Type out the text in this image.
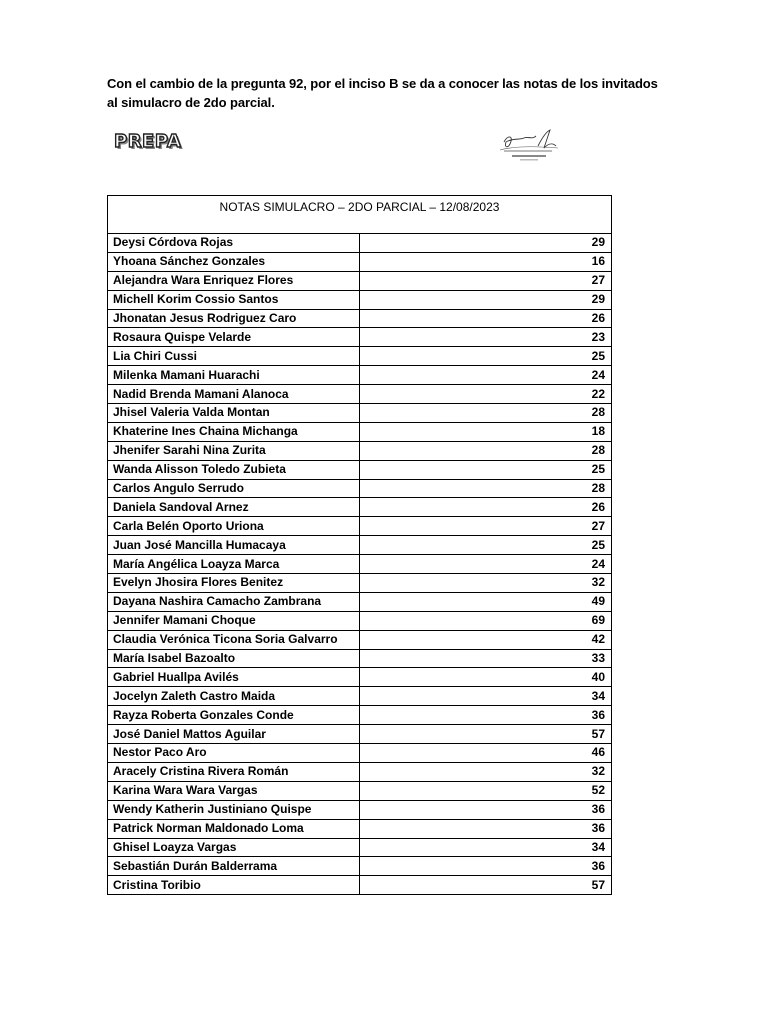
Con el cambio de la pregunta 92, por el inciso B se da a conocer las notas de los invitados al simulacro de 2do parcial.
PREPA
NOTAS SIMULACRO – 2DO PARCIAL – 12/08/2023	
Deysi Córdova Rojas	29
Yhoana Sánchez Gonzales	16
Alejandra Wara Enriquez Flores	27
Michell Korim Cossio Santos	29
Jhonatan Jesus Rodriguez Caro	26
Rosaura Quispe Velarde	23
Lia Chiri Cussi	25
Milenka Mamani Huarachi	24
Nadid Brenda Mamani Alanoca	22
Jhisel Valeria Valda Montan	28
Khaterine Ines Chaina Michanga	18
Jhenifer Sarahi Nina Zurita	28
Wanda Alisson Toledo Zubieta	25
Carlos Angulo Serrudo	28
Daniela Sandoval Arnez	26
Carla Belén Oporto Uriona	27
Juan José Mancilla Humacaya	25
María Angélica Loayza Marca	24
Evelyn Jhosira Flores Benitez	32
Dayana Nashira Camacho Zambrana	49
Jennifer Mamani Choque	69
Claudia Verónica Ticona Soria Galvarro	42
María Isabel Bazoalto	33
Gabriel Huallpa Avilés	40
Jocelyn Zaleth Castro Maida	34
Rayza Roberta Gonzales Conde	36
José Daniel Mattos Aguilar	57
Nestor Paco Aro	46
Aracely Cristina Rivera Román	32
Karina Wara Wara Vargas	52
Wendy Katherin Justiniano Quispe	36
Patrick Norman Maldonado Loma	36
Ghisel Loayza Vargas	34
Sebastián Durán Balderrama	36
Cristina Toribio	57
